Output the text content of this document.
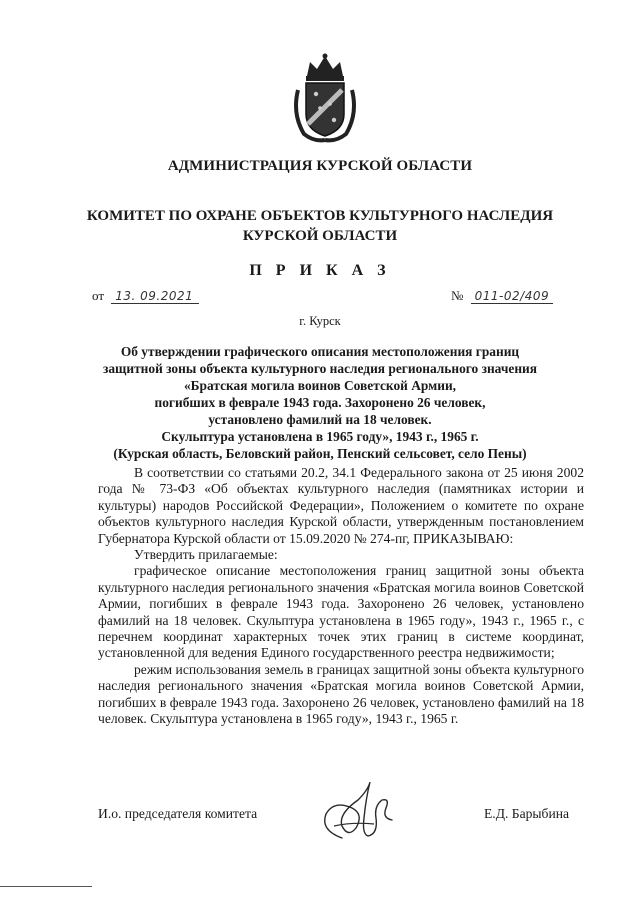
АДМИНИСТРАЦИЯ КУРСКОЙ ОБЛАСТИ
КОМИТЕТ ПО ОХРАНЕ ОБЪЕКТОВ КУЛЬТУРНОГО НАСЛЕДИЯ
КУРСКОЙ ОБЛАСТИ
П Р И К А З
от 13. 09.2021	№ 011-02/409
г. Курск
Об утверждении графического описания местоположения границ
защитной зоны объекта культурного наследия регионального значения
«Братская могила воинов Советской Армии,
погибших в феврале 1943 года. Захоронено 26 человек,
установлено фамилий на 18 человек.
Скульптура установлена в 1965 году», 1943 г., 1965 г.
(Курская область, Беловский район, Пенский сельсовет, село Пены)

В соответствии со статьями 20.2, 34.1 Федерального закона от 25 июня 2002 года № 73-ФЗ «Об объектах культурного наследия (памятниках истории и культуры) народов Российской Федерации», Положением о комитете по охране объектов культурного наследия Курской области, утвержденным постановлением Губернатора Курской области от 15.09.2020 № 274-пг, ПРИКАЗЫВАЮ:

Утвердить прилагаемые:

графическое описание местоположения границ защитной зоны объекта культурного наследия регионального значения «Братская могила воинов Советской Армии, погибших в феврале 1943 года. Захоронено 26 человек, установлено фамилий на 18 человек. Скульптура установлена в 1965 году», 1943 г., 1965 г., с перечнем координат характерных точек этих границ в системе координат, установленной для ведения Единого государственного реестра недвижимости;

режим использования земель в границах защитной зоны объекта культурного наследия регионального значения «Братская могила воинов Советской Армии, погибших в феврале 1943 года. Захоронено 26 человек, установлено фамилий на 18 человек. Скульптура установлена в 1965 году», 1943 г., 1965 г.

И.о. председателя комитета	Е.Д. Барыбина
